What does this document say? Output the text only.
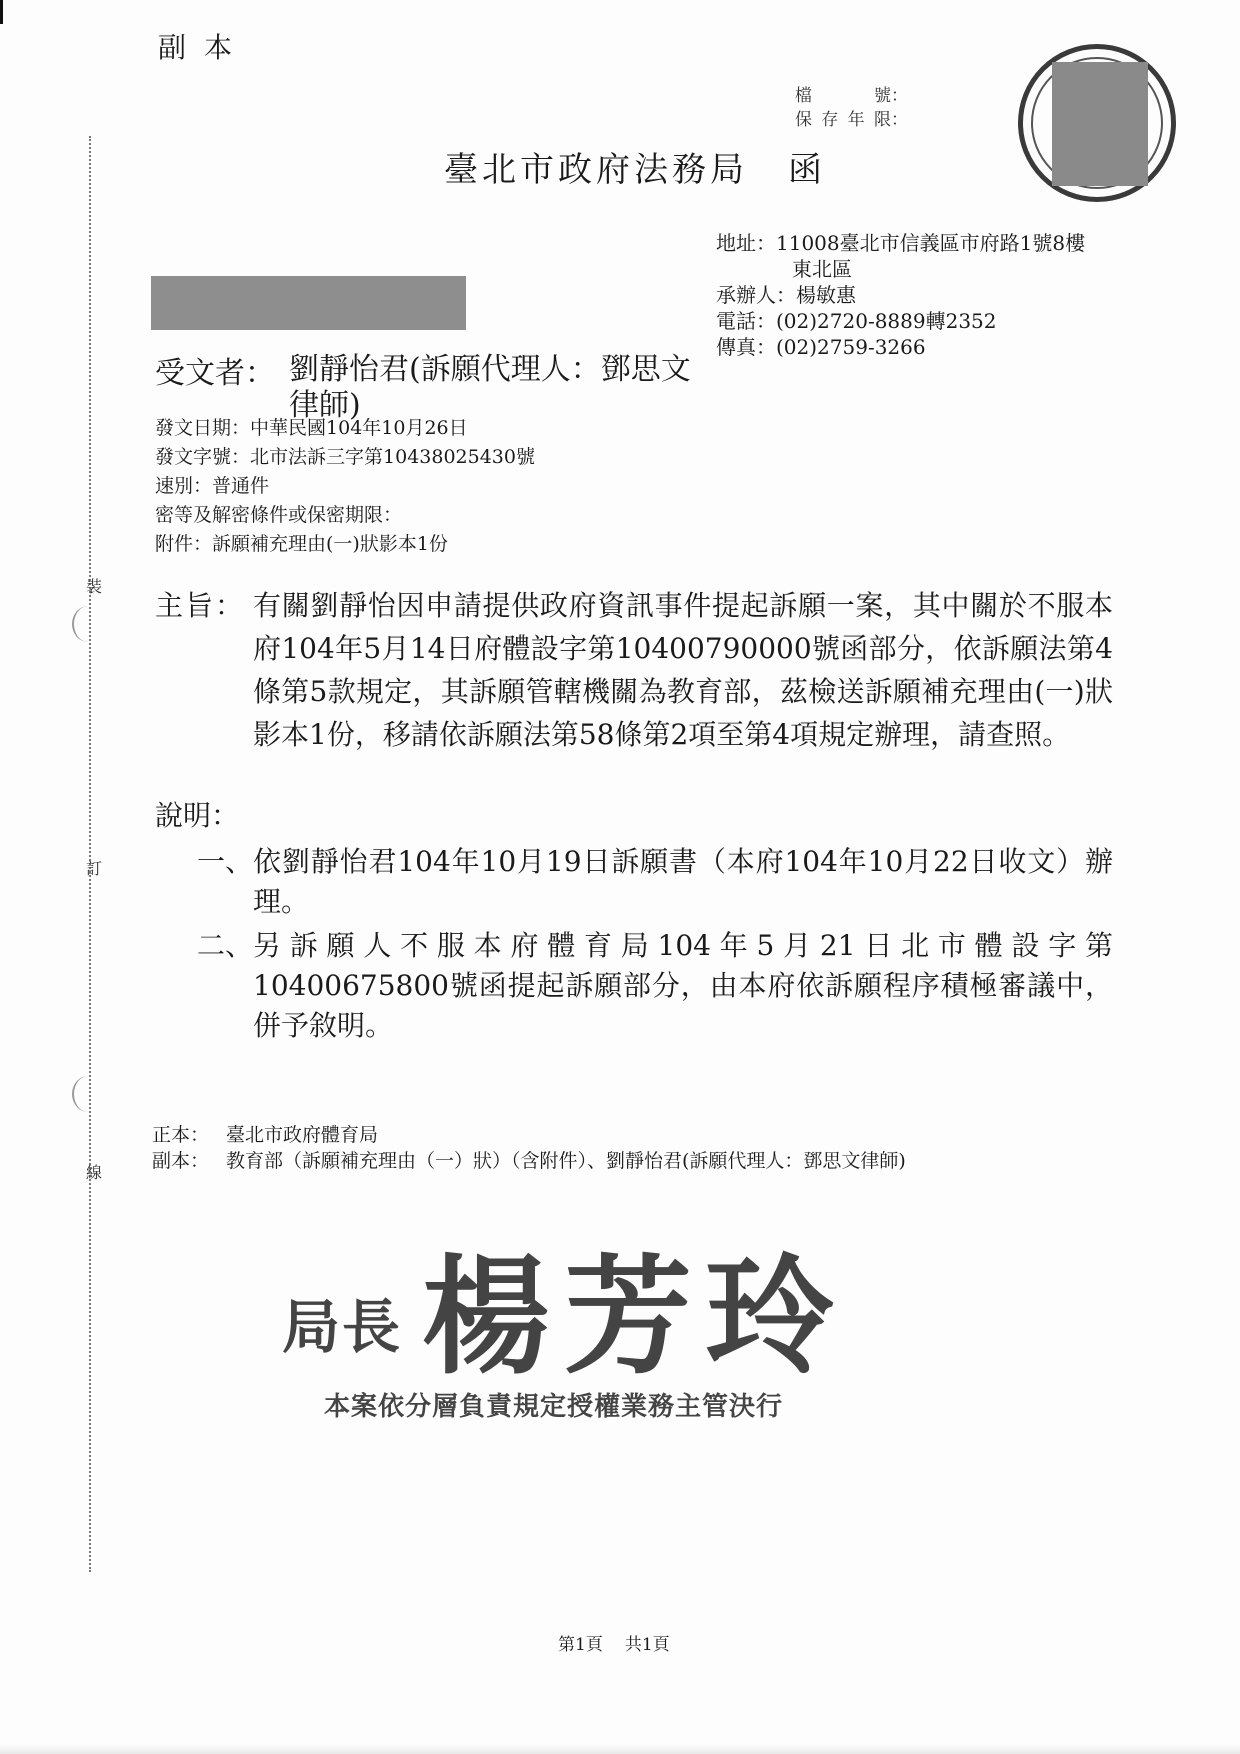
副本
檔號 ：
保存年限 ：
臺北市政府法務局 函
地址： 11008臺北市信義區市府路1號8樓
東北區
承辦人： 楊敏惠
電話： (02)2720-8889轉2352
傳真： (02)2759-3266
受文者： 劉靜怡君(訴願代理人：鄧思文律師)
發文日期：中華民國104年10月26日
發文字號：北市法訴三字第10438025430號
速別：普通件
密等及解密條件或保密期限：
附件：訴願補充理由(一)狀影本1份
主旨： 有關劉靜怡因申請提供政府資訊事件提起訴願一案，其中關於不服本府104年5月14日府體設字第10400790000號函部分，依訴願法第4條第5款規定，其訴願管轄機關為教育部，茲檢送訴願補充理由(一)狀影本1份，移請依訴願法第58條第2項至第4項規定辦理，請查照。
說明：
一、 依劉靜怡君104年10月19日訴願書（本府104年10月22日收文）辦理。
二、 另訴願人不服本府體育局104年5月21日北市體設字第10400675800號函提起訴願部分，由本府依訴願程序積極審議中，併予敘明。
正本： 臺北市政府體育局
副本： 教育部（訴願補充理由（一）狀）（含附件）、劉靜怡君(訴願代理人：鄧思文律師)
局長 楊芳玲
本案依分層負責規定授權業務主管決行
第1頁 共1頁
裝
訂
線
